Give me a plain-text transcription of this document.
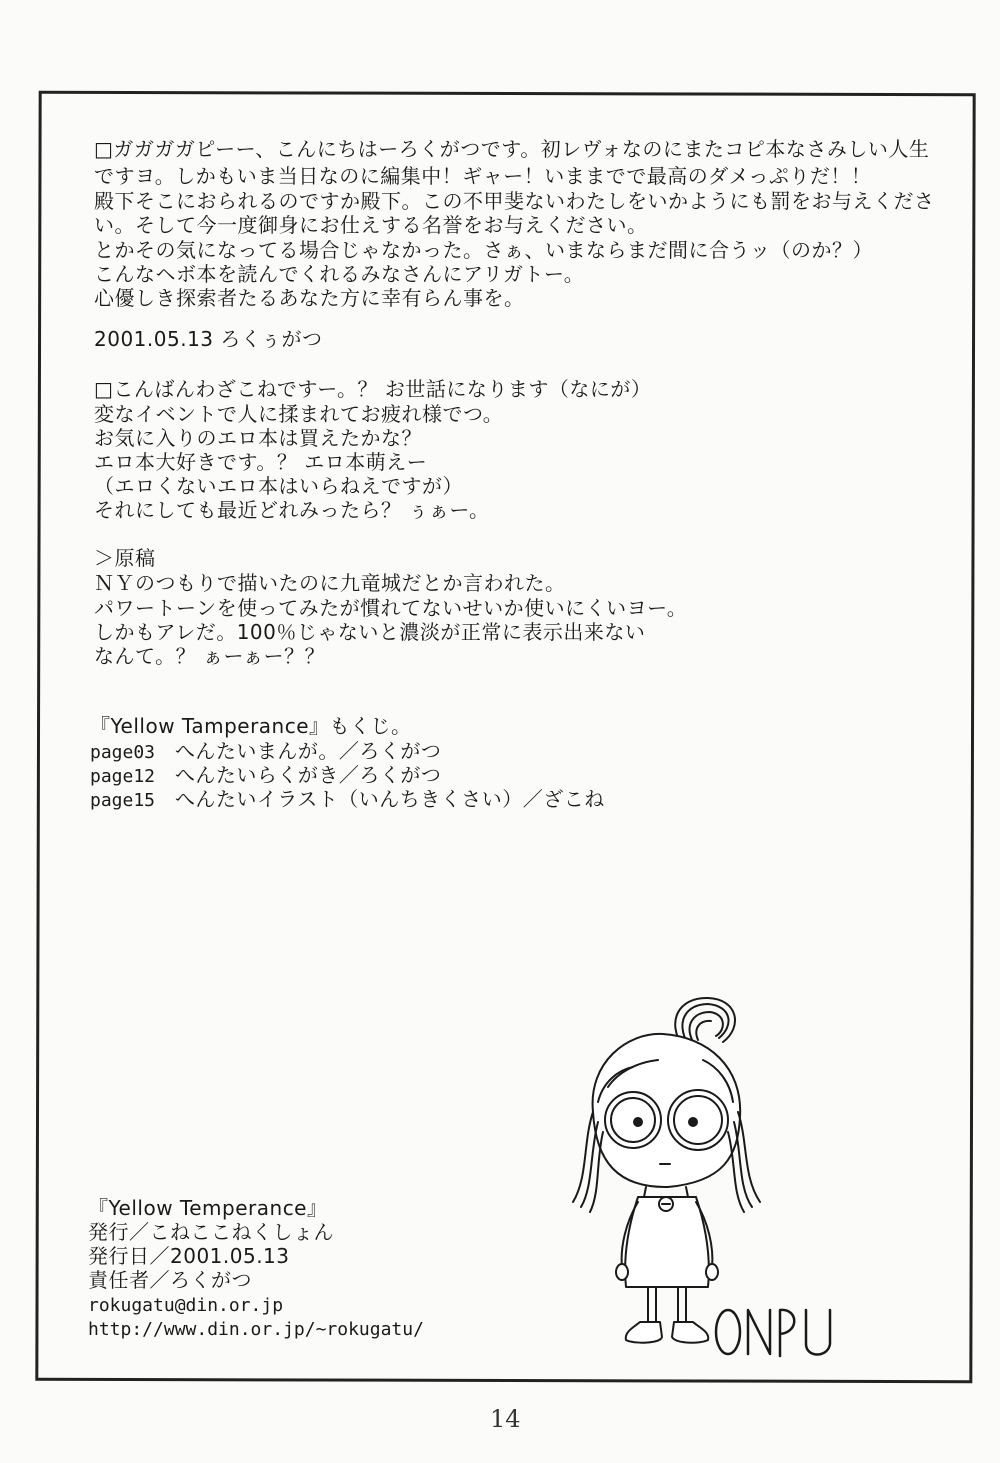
□ガガガガピーー、こんにちはーろくがつです。初レヴォなのにまたコピ本なさみしい人生
ですヨ。しかもいま当日なのに編集中！ギャー！いままでで最高のダメっぷりだ！！
殿下そこにおられるのですか殿下。この不甲斐ないわたしをいかようにも罰をお与えくださ
い。そして今一度御身にお仕えする名誉をお与えください。
とかその気になってる場合じゃなかった。さぁ、いまならまだ間に合うッ（のか？）
こんなヘボ本を読んでくれるみなさんにアリガトー。
心優しき探索者たるあなた方に幸有らん事を。
2001.05.13 ろくぅがつ
□こんばんわざこねですー。？ お世話になります（なにが）
変なイベントで人に揉まれてお疲れ様でつ。
お気に入りのエロ本は買えたかな？
エロ本大好きです。？ エロ本萌えー
（エロくないエロ本はいらねえですが）
それにしても最近どれみったら？ ぅぁー。
＞原稿
ＮＹのつもりで描いたのに九竜城だとか言われた。
パワートーンを使ってみたが慣れてないせいか使いにくいヨー。
しかもアレだ。100％じゃないと濃淡が正常に表示出来ない
なんて。？ ぁーぁー？？
『Yellow Tamperance』もくじ。
page03 へんたいまんが。／ろくがつ
page12 へんたいらくがき／ろくがつ
page15 へんたいイラスト（いんちきくさい）／ざこね
『Yellow Temperance』
発行／こねここねくしょん
発行日／2001.05.13
責任者／ろくがつ
rokugatu@din.or.jp
http://www.din.or.jp/~rokugatu/
14
